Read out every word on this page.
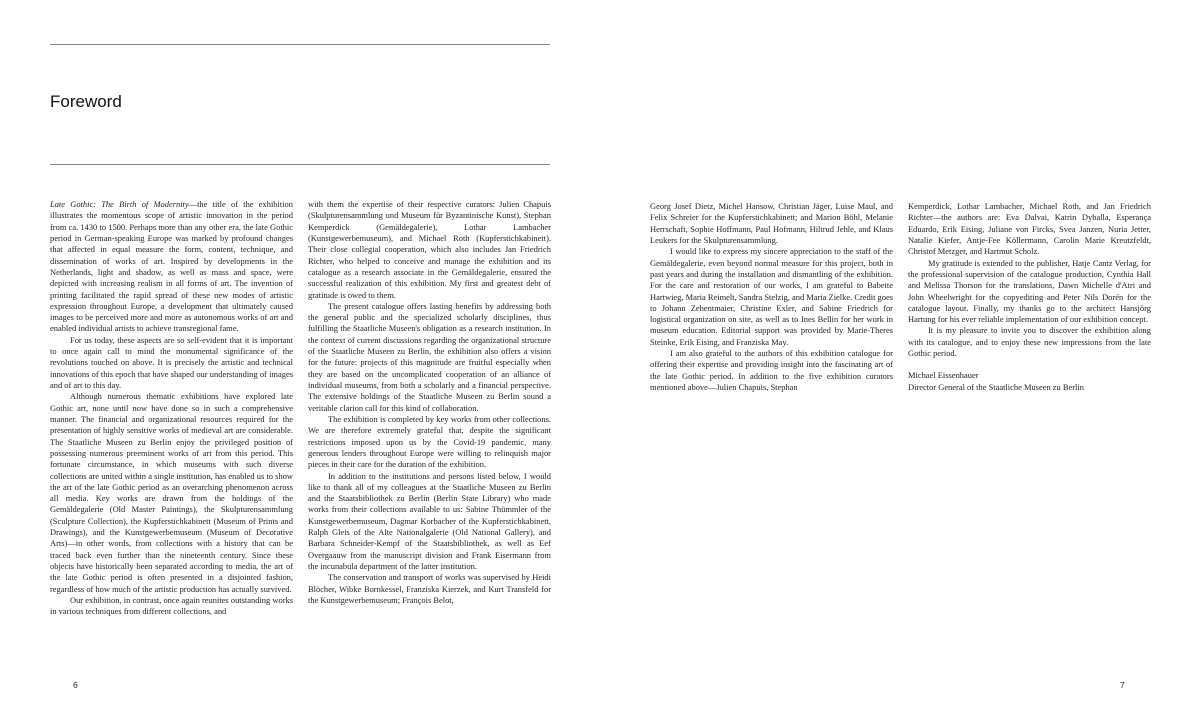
Foreword

Late Gothic: The Birth of Modernity—the title of the exhibition illustrates the momentous scope of artistic innovation in the period from ca. 1430 to 1500. Perhaps more than any other era, the late Gothic period in German-speaking Europe was marked by profound changes that affected in equal measure the form, content, technique, and dissemination of works of art. Inspired by developments in the Netherlands, light and shadow, as well as mass and space, were depicted with increasing realism in all forms of art. The invention of printing facilitated the rapid spread of these new modes of artistic expression throughout Europe, a development that ultimately caused images to be perceived more and more as autonomous works of art and enabled individual artists to achieve transregional fame.

For us today, these aspects are so self-evident that it is important to once again call to mind the monumental significance of the revolutions touched on above. It is precisely the artistic and technical innovations of this epoch that have shaped our understanding of images and of art to this day.

Although numerous thematic exhibitions have explored late Gothic art, none until now have done so in such a comprehensive manner. The financial and organizational resources required for the presentation of highly sensitive works of medieval art are considerable. The Staatliche Museen zu Berlin enjoy the privileged position of possessing numerous preeminent works of art from this period. This fortunate circumstance, in which museums with such diverse collections are united within a single institution, has enabled us to show the art of the late Gothic period as an overarching phenomenon across all media. Key works are drawn from the holdings of the Gemäldegalerie (Old Master Paintings), the Skulpturensammlung (Sculpture Collection), the Kupferstichkabinett (Museum of Prints and Drawings), and the Kunstgewerbemuseum (Museum of Decorative Arts)—in other words, from collections with a history that can be traced back even further than the nineteenth century. Since these objects have historically been separated according to media, the art of the late Gothic period is often presented in a disjointed fashion, regardless of how much of the artistic production has actually survived.

Our exhibition, in contrast, once again reunites outstanding works in various techniques from different collections, and

with them the expertise of their respective curators: Julien Chapuis (Skulpturensammlung und Museum für Byzantinische Kunst), Stephan Kemperdick (Gemäldegalerie), Lothar Lambacher (Kunstgewerbemuseum), and Michael Roth (Kupferstichkabinett). Their close collegial cooperation, which also includes Jan Friedrich Richter, who helped to conceive and manage the exhibition and its catalogue as a research associate in the Gemäldegalerie, ensured the successful realization of this exhibition. My first and greatest debt of gratitude is owed to them.

The present catalogue offers lasting benefits by addressing both the general public and the specialized scholarly disciplines, thus fulfilling the Staatliche Museen's obligation as a research institution. In the context of current discussions regarding the organizational structure of the Staatliche Museen zu Berlin, the exhibition also offers a vision for the future: projects of this magnitude are fruitful especially when they are based on the uncomplicated cooperation of an alliance of individual museums, from both a scholarly and a financial perspective. The extensive holdings of the Staatliche Museen zu Berlin sound a veritable clarion call for this kind of collaboration.

The exhibition is completed by key works from other collections. We are therefore extremely grateful that, despite the significant restrictions imposed upon us by the Covid-19 pandemic, many generous lenders throughout Europe were willing to relinquish major pieces in their care for the duration of the exhibition.

In addition to the institutions and persons listed below, I would like to thank all of my colleagues at the Staatliche Museen zu Berlin and the Staatsbibliothek zu Berlin (Berlin State Library) who made works from their collections available to us: Sabine Thümmler of the Kunstgewerbemuseum, Dagmar Korbacher of the Kupferstichkabinett, Ralph Gleis of the Alte Nationalgalerie (Old National Gallery), and Barbara Schneider-Kempf of the Staatsbibliothek, as well as Eef Overgaauw from the manuscript division and Frank Eisermann from the incunabula department of the latter institution.

The conservation and transport of works was supervised by Heidi Blöcher, Wibke Bornkessel, Franziska Kierzek, and Kurt Transfeld for the Kunstgewerbemuseum; François Belot,

Georg Josef Dietz, Michel Hansow, Christian Jäger, Luise Maul, and Felix Schreier for the Kupferstichkabinett; and Marion Böhl, Melanie Herrschaft, Sophie Hoffmann, Paul Hofmann, Hiltrud Jehle, and Klaus Leukers for the Skulpturensammlung.

I would like to express my sincere appreciation to the staff of the Gemäldegalerie, even beyond normal measure for this project, both in past years and during the installation and dismantling of the exhibition. For the care and restoration of our works, I am grateful to Babette Hartwieg, Maria Reimelt, Sandra Stelzig, and Maria Zielke. Credit goes to Johann Zehentmaier, Christine Exler, and Sabine Friedrich for logistical organization on site, as well as to Ines Bellin for her work in museum education. Editorial support was provided by Marie-Theres Steinke, Erik Eising, and Franziska May.

I am also grateful to the authors of this exhibition catalogue for offering their expertise and providing insight into the fascinating art of the late Gothic period. In addition to the five exhibition curators mentioned above—Julien Chapuis, Stephan

Kemperdick, Lothar Lambacher, Michael Roth, and Jan Friedrich Richter—the authors are: Eva Dalvai, Katrin Dyballa, Esperança Eduardo, Erik Eising, Juliane von Fircks, Svea Janzen, Nuria Jetter, Natalie Kiefer, Antje-Fee Köllermann, Carolin Marie Kreutzfeldt, Christof Metzger, and Hartmut Scholz.

My gratitude is extended to the publisher, Hatje Cantz Verlag, for the professional supervision of the catalogue production, Cynthia Hall and Melissa Thorson for the translations, Dawn Michelle d'Atri and John Wheelwright for the copyediting and Peter Nils Dorén for the catalogue layout. Finally, my thanks go to the architect Hansjörg Hartung for his ever reliable implementation of our exhibition concept.

It is my pleasure to invite you to discover the exhibition along with its catalogue, and to enjoy these new impressions from the late Gothic period.

Michael Eissenhauer

Director General of the Staatliche Museen zu Berlin

6	7
